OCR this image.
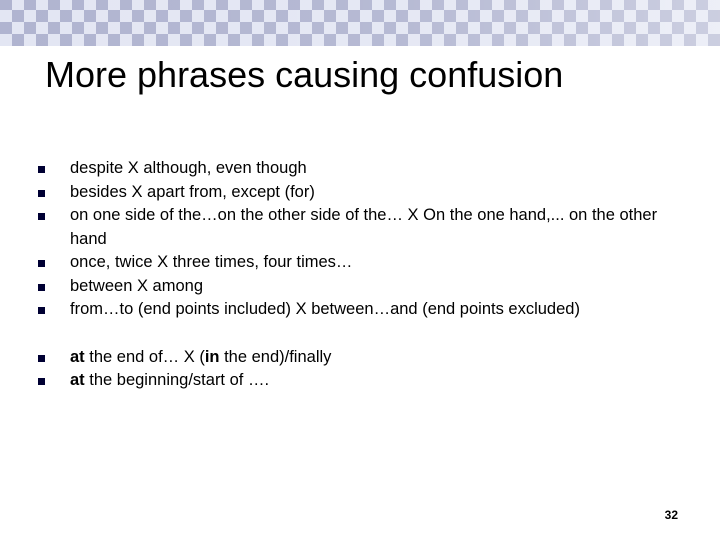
More phrases causing confusion
despite X although, even though
besides X apart from, except (for)
on one side of the…on the other side of the… X On the one hand,... on the other hand
once, twice X three times, four times…
between X among
from…to (end points included) X between…and (end points excluded)
at the end of… X (in the end)/finally
at the beginning/start of ….
32
